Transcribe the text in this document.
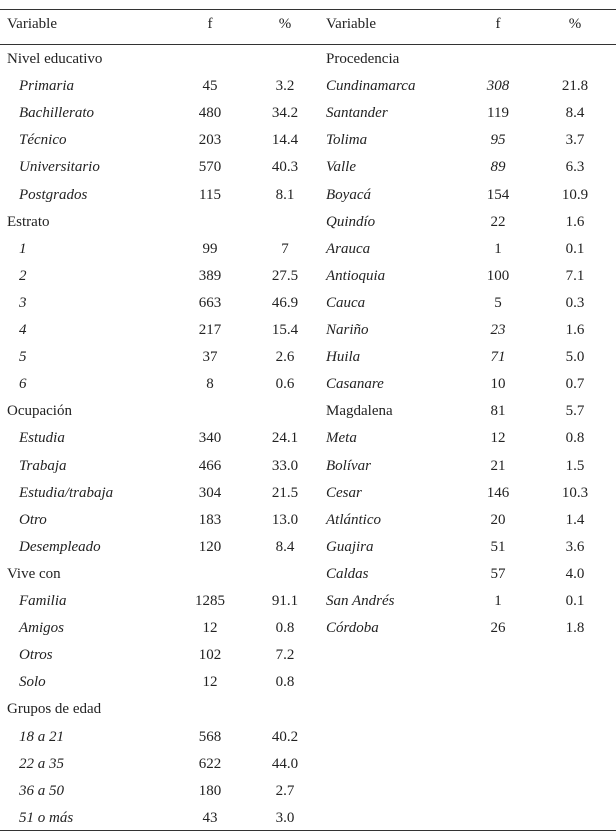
Variable	f	%	Variable	f	%
Nivel educativo
Primaria	45	3.2
Bachillerato	480	34.2
Técnico	203	14.4
Universitario	570	40.3
Postgrados	115	8.1
Estrato
1	99	7
2	389	27.5
3	663	46.9
4	217	15.4
5	37	2.6
6	8	0.6
Ocupación
Estudia	340	24.1
Trabaja	466	33.0
Estudia/trabaja	304	21.5
Otro	183	13.0
Desempleado	120	8.4
Vive con
Familia	1285	91.1
Amigos	12	0.8
Otros	102	7.2
Solo	12	0.8
Grupos de edad
18 a 21	568	40.2
22 a 35	622	44.0
36 a 50	180	2.7
51 o más	43	3.0
Procedencia
Cundinamarca	308	21.8
Santander	119	8.4
Tolima	95	3.7
Valle	89	6.3
Boyacá	154	10.9
Quindío	22	1.6
Arauca	1	0.1
Antioquia	100	7.1
Cauca	5	0.3
Nariño	23	1.6
Huila	71	5.0
Casanare	10	0.7
Magdalena	81	5.7
Meta	12	0.8
Bolívar	21	1.5
Cesar	146	10.3
Atlántico	20	1.4
Guajira	51	3.6
Caldas	57	4.0
San Andrés	1	0.1
Córdoba	26	1.8
